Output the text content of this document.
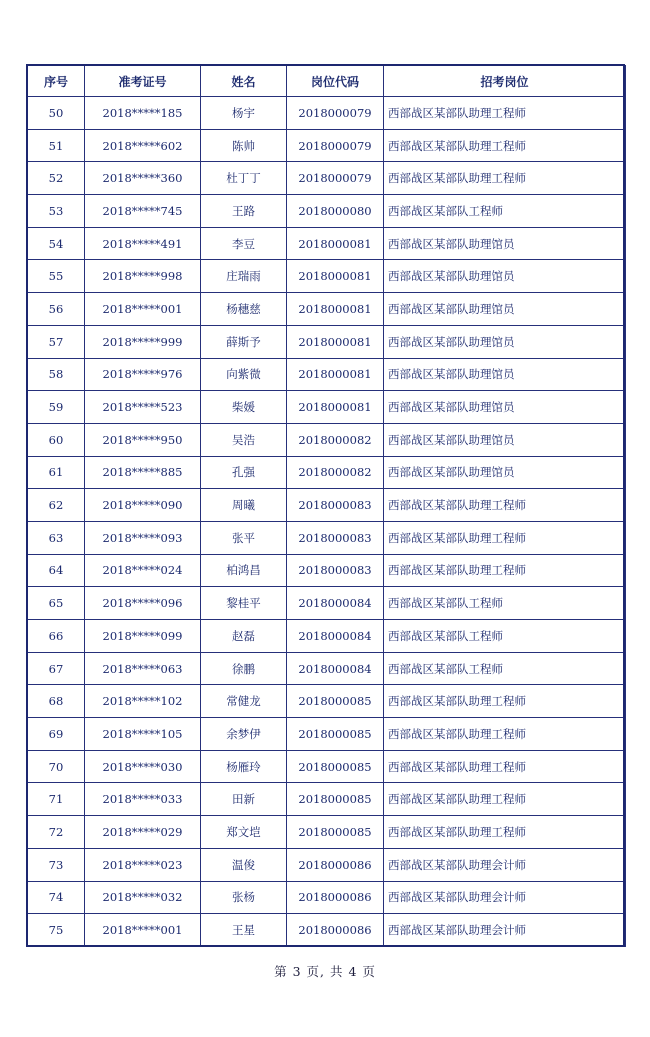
序号	准考证号	姓名	岗位代码	招考岗位
50	2018*****185	杨宇	2018000079	西部战区某部队助理工程师
51	2018*****602	陈帅	2018000079	西部战区某部队助理工程师
52	2018*****360	杜丁丁	2018000079	西部战区某部队助理工程师
53	2018*****745	王路	2018000080	西部战区某部队工程师
54	2018*****491	李豆	2018000081	西部战区某部队助理馆员
55	2018*****998	庄瑞雨	2018000081	西部战区某部队助理馆员
56	2018*****001	杨穗慈	2018000081	西部战区某部队助理馆员
57	2018*****999	薛斯予	2018000081	西部战区某部队助理馆员
58	2018*****976	向紫微	2018000081	西部战区某部队助理馆员
59	2018*****523	柴媛	2018000081	西部战区某部队助理馆员
60	2018*****950	吴浩	2018000082	西部战区某部队助理馆员
61	2018*****885	孔强	2018000082	西部战区某部队助理馆员
62	2018*****090	周曦	2018000083	西部战区某部队助理工程师
63	2018*****093	张平	2018000083	西部战区某部队助理工程师
64	2018*****024	柏鸿昌	2018000083	西部战区某部队助理工程师
65	2018*****096	黎桂平	2018000084	西部战区某部队工程师
66	2018*****099	赵磊	2018000084	西部战区某部队工程师
67	2018*****063	徐鹏	2018000084	西部战区某部队工程师
68	2018*****102	常健龙	2018000085	西部战区某部队助理工程师
69	2018*****105	余梦伊	2018000085	西部战区某部队助理工程师
70	2018*****030	杨雁玲	2018000085	西部战区某部队助理工程师
71	2018*****033	田新	2018000085	西部战区某部队助理工程师
72	2018*****029	郑文垲	2018000085	西部战区某部队助理工程师
73	2018*****023	温俊	2018000086	西部战区某部队助理会计师
74	2018*****032	张杨	2018000086	西部战区某部队助理会计师
75	2018*****001	王星	2018000086	西部战区某部队助理会计师
第 3 页, 共 4 页
